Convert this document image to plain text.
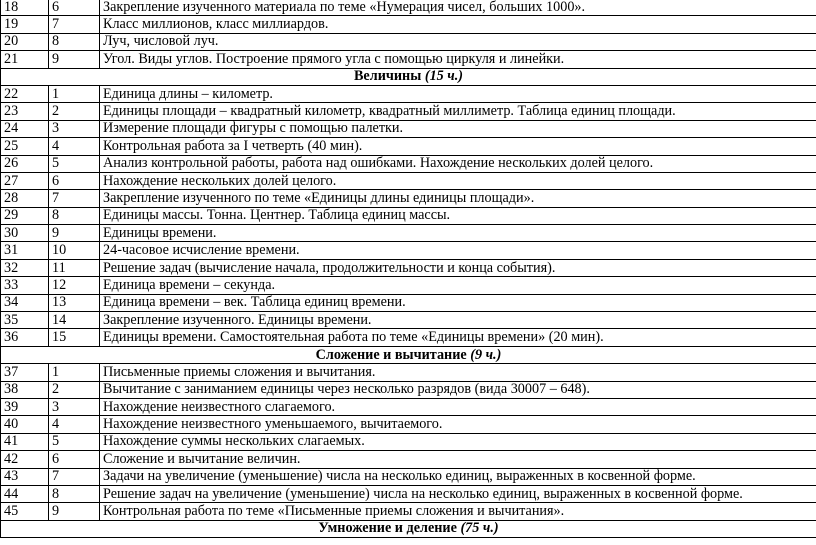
18	6	Закрепление изученного материала по теме «Нумерация чисел, больших 1000».
19	7	Класс миллионов, класс миллиардов.
20	8	Луч, числовой луч.
21	9	Угол. Виды углов. Построение прямого угла с помощью циркуля и линейки.
Величины (15 ч.)		
22	1	Единица длины – километр.
23	2	Единицы площади – квадратный километр, квадратный миллиметр. Таблица единиц площади.
24	3	Измерение площади фигуры с помощью палетки.
25	4	Контрольная работа за I четверть (40 мин).
26	5	Анализ контрольной работы, работа над ошибками. Нахождение нескольких долей целого.
27	6	Нахождение нескольких долей целого.
28	7	Закрепление изученного по теме «Единицы длины единицы площади».
29	8	Единицы массы. Тонна. Центнер. Таблица единиц массы.
30	9	Единицы времени.
31	10	24-часовое исчисление времени.
32	11	Решение задач (вычисление начала, продолжительности и конца события).
33	12	Единица времени – секунда.
34	13	Единица времени – век. Таблица единиц времени.
35	14	Закрепление изученного. Единицы времени.
36	15	Единицы времени. Самостоятельная работа по теме «Единицы времени» (20 мин).
Сложение и вычитание (9 ч.)		
37	1	Письменные приемы сложения и вычитания.
38	2	Вычитание с заниманием единицы через несколько разрядов (вида 30007 – 648).
39	3	Нахождение неизвестного слагаемого.
40	4	Нахождение неизвестного уменьшаемого, вычитаемого.
41	5	Нахождение суммы нескольких слагаемых.
42	6	Сложение и вычитание величин.
43	7	Задачи на увеличение (уменьшение) числа на несколько единиц, выраженных в косвенной форме.
44	8	Решение задач на увеличение (уменьшение) числа на несколько единиц, выраженных в косвенной форме.
45	9	Контрольная работа по теме «Письменные приемы сложения и вычитания».
Умножение и деление (75 ч.)		
